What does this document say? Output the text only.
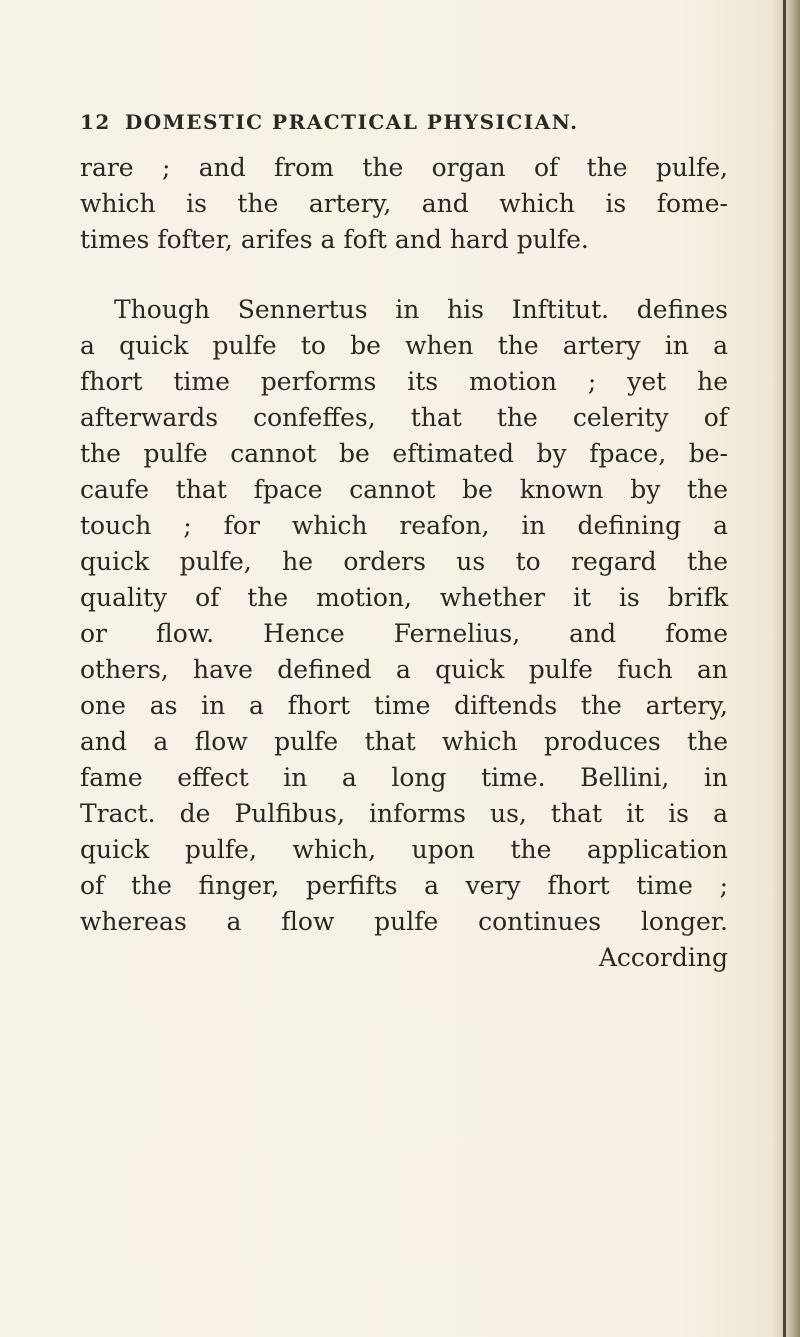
12 DOMESTIC PRACTICAL PHYSICIAN.
rare ; and from the organ of the pulfe,
which is the artery, and which is fome-
times fofter, arifes a foft and hard pulfe.
Though Sennertus in his Inftitut. defines
a quick pulfe to be when the artery in a
fhort time performs its motion ; yet he
afterwards confeffes, that the celerity of
the pulfe cannot be eftimated by fpace, be-
caufe that fpace cannot be known by the
touch ; for which reafon, in defining a
quick pulfe, he orders us to regard the
quality of the motion, whether it is brifk
or flow. Hence Fernelius, and fome
others, have defined a quick pulfe fuch an
one as in a fhort time diftends the artery,
and a flow pulfe that which produces the
fame effect in a long time. Bellini, in
Tract. de Pulfibus, informs us, that it is a
quick pulfe, which, upon the application
of the finger, perfifts a very fhort time ;
whereas a flow pulfe continues longer.
According
